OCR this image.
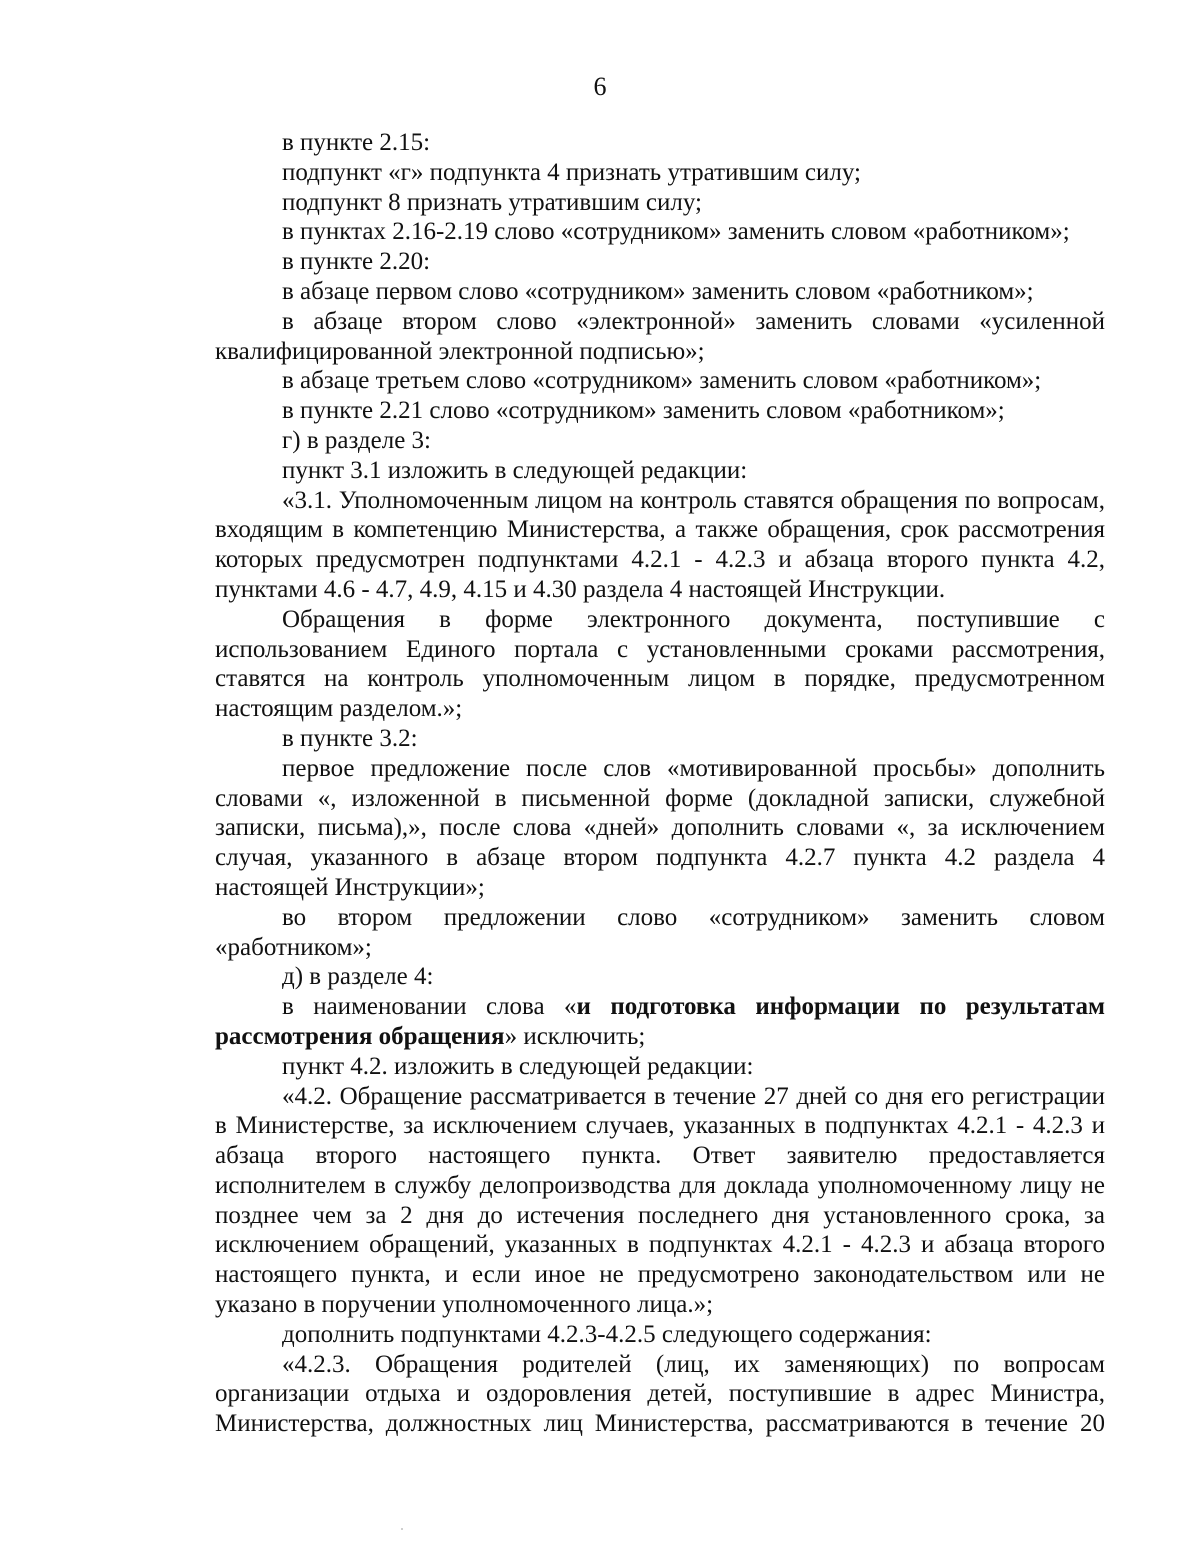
6

в пункте 2.15:

подпункт «г» подпункта 4 признать утратившим силу;

подпункт 8 признать утратившим силу;

в пунктах 2.16-2.19 слово «сотрудником» заменить словом «работником»;

в пункте 2.20:

в абзаце первом слово «сотрудником» заменить словом «работником»;

в абзаце втором слово «электронной» заменить словами «усиленной квалифицированной электронной подписью»;

в абзаце третьем слово «сотрудником» заменить словом «работником»;

в пункте 2.21 слово «сотрудником» заменить словом «работником»;

г) в разделе 3:

пункт 3.1 изложить в следующей редакции:

«3.1. Уполномоченным лицом на контроль ставятся обращения по вопросам, входящим в компетенцию Министерства, а также обращения, срок рассмотрения которых предусмотрен подпунктами 4.2.1 - 4.2.3 и абзаца второго пункта 4.2, пунктами 4.6 - 4.7, 4.9, 4.15 и 4.30 раздела 4 настоящей Инструкции.

Обращения в форме электронного документа, поступившие с использованием Единого портала с установленными сроками рассмотрения, ставятся на контроль уполномоченным лицом в порядке, предусмотренном настоящим разделом.»;

в пункте 3.2:

первое предложение после слов «мотивированной просьбы» дополнить словами «, изложенной в письменной форме (докладной записки, служебной записки, письма),», после слова «дней» дополнить словами «, за исключением случая, указанного в абзаце втором подпункта 4.2.7 пункта 4.2 раздела 4 настоящей Инструкции»;

во втором предложении слово «сотрудником» заменить словом «работником»;

д) в разделе 4:

в наименовании слова «и подготовка информации по результатам рассмотрения обращения» исключить;

пункт 4.2. изложить в следующей редакции:

«4.2. Обращение рассматривается в течение 27 дней со дня его регистрации в Министерстве, за исключением случаев, указанных в подпунктах 4.2.1 - 4.2.3 и абзаца второго настоящего пункта. Ответ заявителю предоставляется исполнителем в службу делопроизводства для доклада уполномоченному лицу не позднее чем за 2 дня до истечения последнего дня установленного срока, за исключением обращений, указанных в подпунктах 4.2.1 - 4.2.3 и абзаца второго настоящего пункта, и если иное не предусмотрено законодательством или не указано в поручении уполномоченного лица.»;

дополнить подпунктами 4.2.3-4.2.5 следующего содержания:

«4.2.3. Обращения родителей (лиц, их заменяющих) по вопросам организации отдыха и оздоровления детей, поступившие в адрес Министра, Министерства, должностных лиц Министерства, рассматриваются в течение 20
